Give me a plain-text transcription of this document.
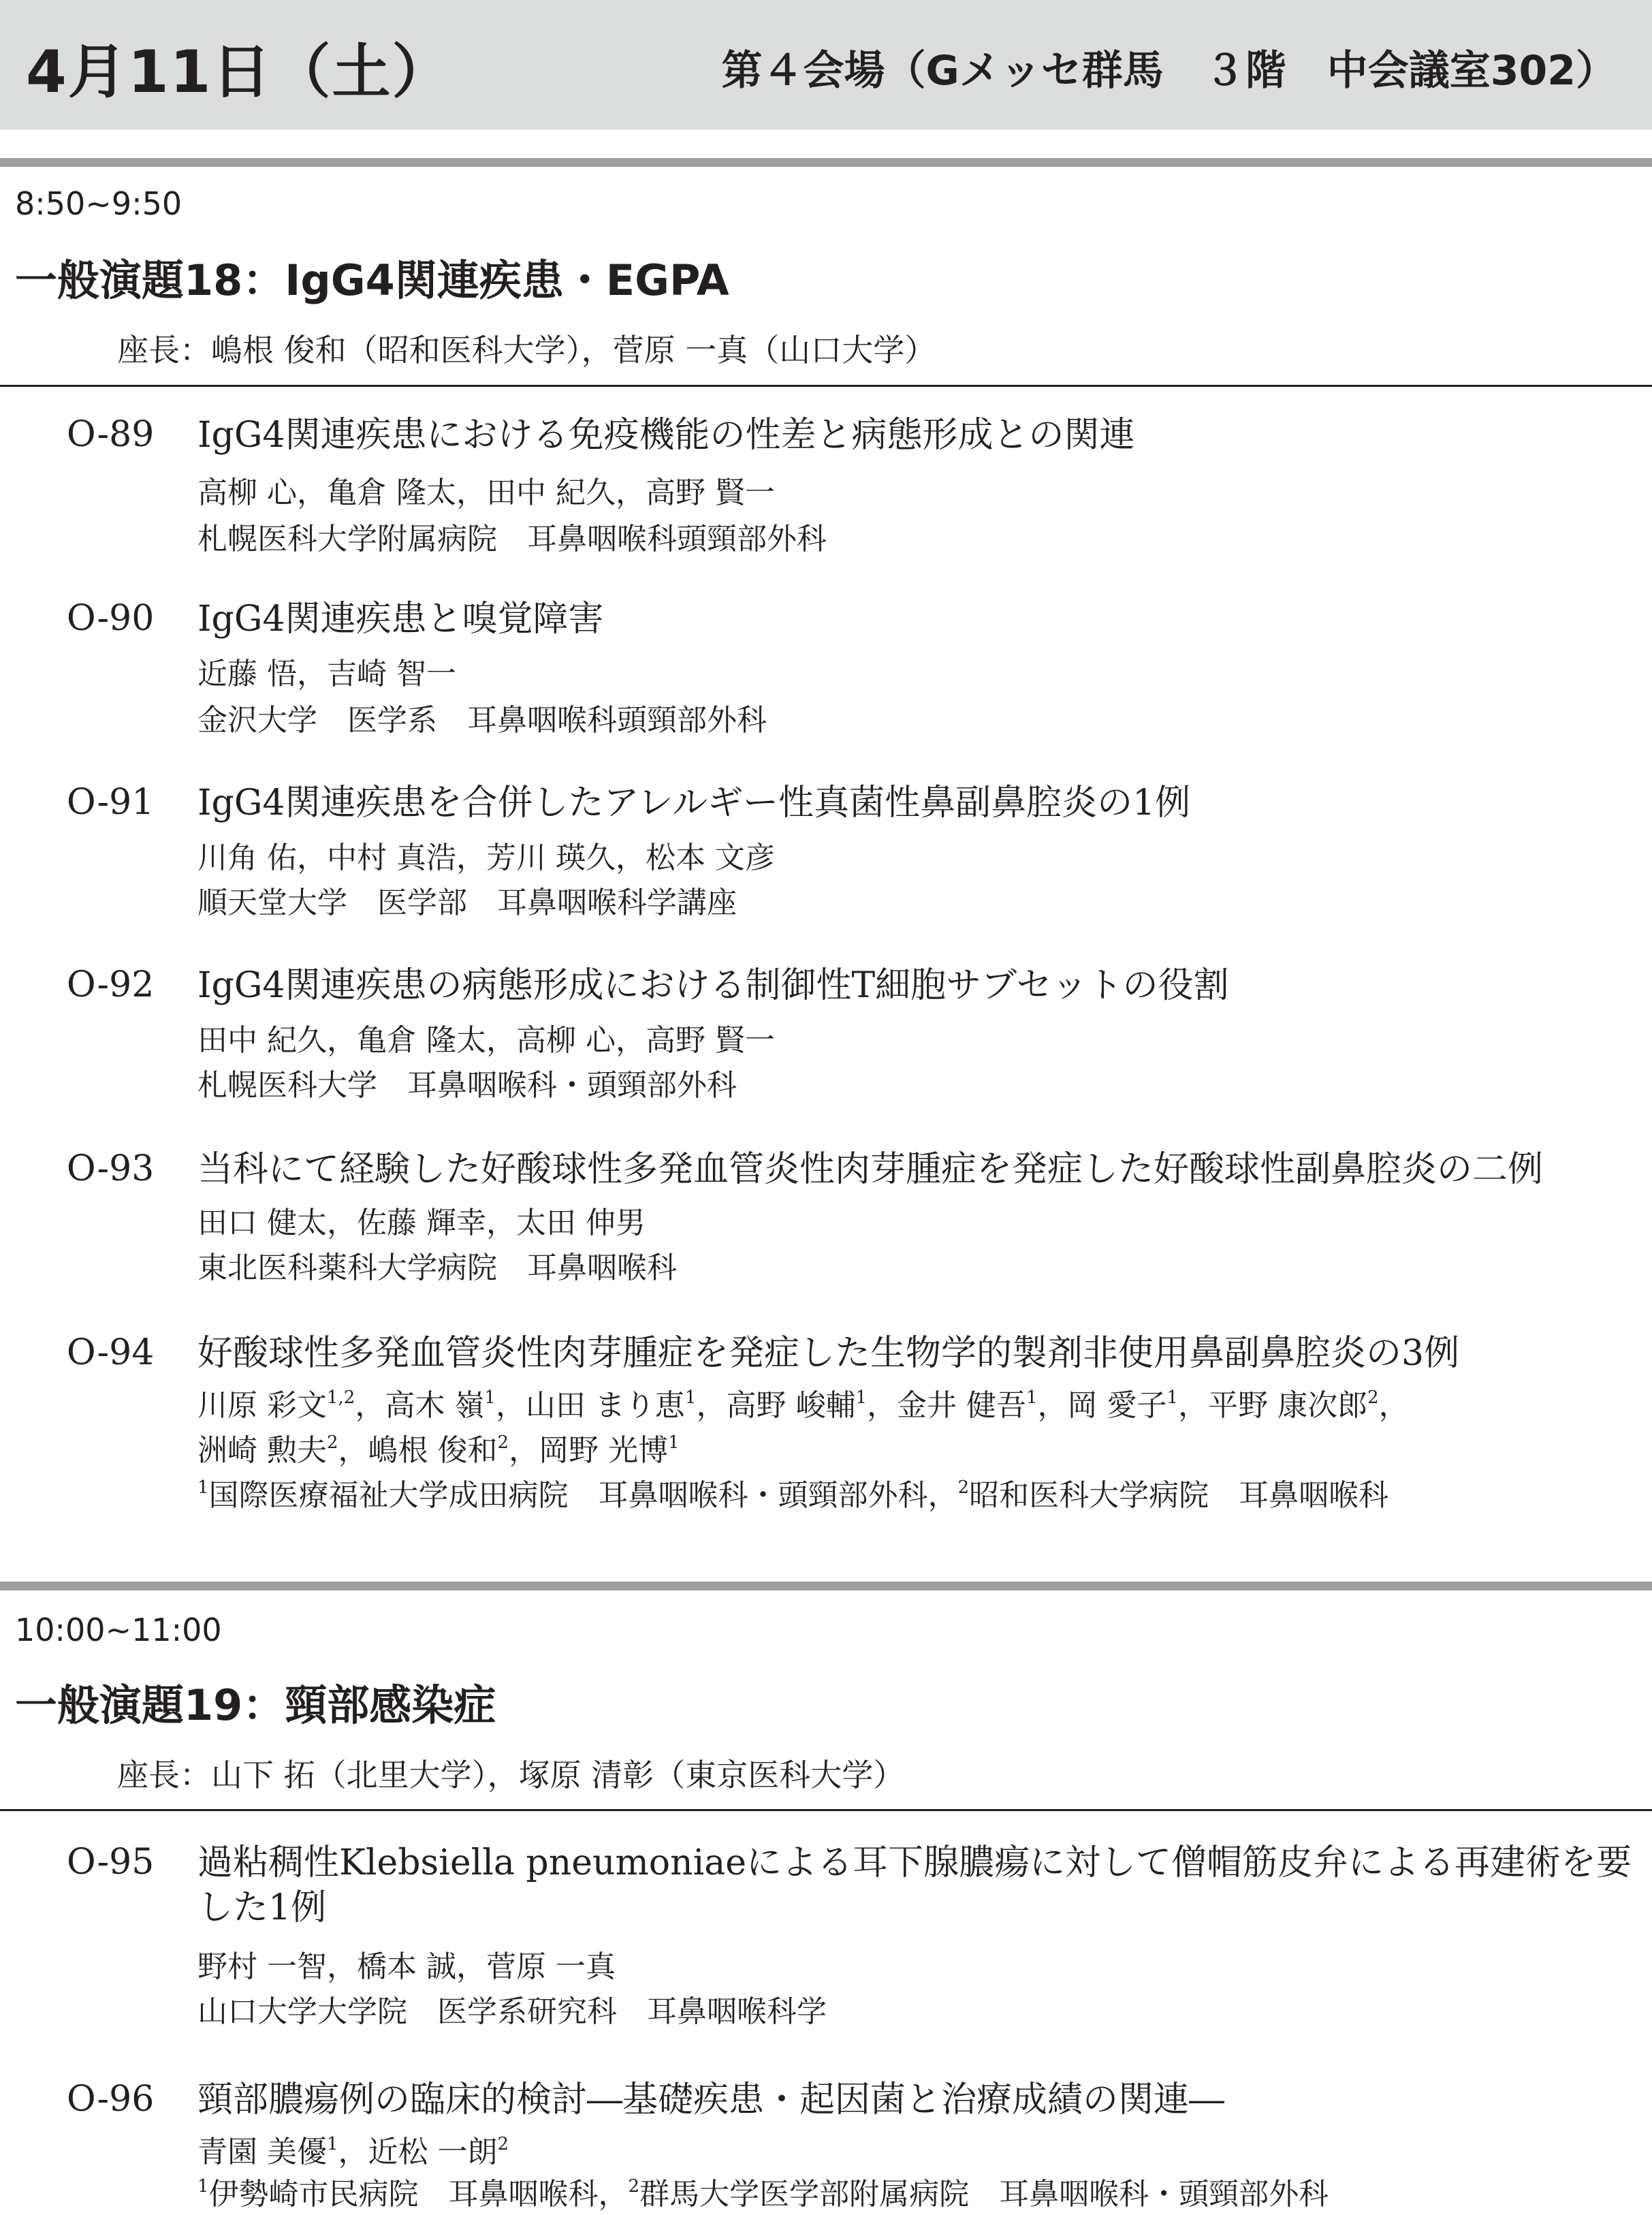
4月11日（土）	第４会場（Gメッセ群馬　３階　中会議室302）
8:50~9:50
一般演題18：IgG4関連疾患・EGPA
座長：嶋根 俊和（昭和医科大学），菅原 一真（山口大学）
O-89 IgG4関連疾患における免疫機能の性差と病態形成との関連
高柳 心，亀倉 隆太，田中 紀久，高野 賢一
札幌医科大学附属病院　耳鼻咽喉科頭頸部外科
O-90 IgG4関連疾患と嗅覚障害
近藤 悟，吉崎 智一
金沢大学　医学系　耳鼻咽喉科頭頸部外科
O-91 IgG4関連疾患を合併したアレルギー性真菌性鼻副鼻腔炎の1例
川角 佑，中村 真浩，芳川 瑛久，松本 文彦
順天堂大学　医学部　耳鼻咽喉科学講座
O-92 IgG4関連疾患の病態形成における制御性T細胞サブセットの役割
田中 紀久，亀倉 隆太，高柳 心，高野 賢一
札幌医科大学　耳鼻咽喉科・頭頸部外科
O-93 当科にて経験した好酸球性多発血管炎性肉芽腫症を発症した好酸球性副鼻腔炎の二例
田口 健太，佐藤 輝幸，太田 伸男
東北医科薬科大学病院　耳鼻咽喉科
O-94 好酸球性多発血管炎性肉芽腫症を発症した生物学的製剤非使用鼻副鼻腔炎の3例
川原 彩文$^{1,2}$，高木 嶺$^1$，山田 まり恵$^1$，高野 峻輔$^1$，金井 健吾$^1$，岡 愛子$^1$，平野 康次郎$^2$，
洲崎 勲夫$^2$，嶋根 俊和$^2$，岡野 光博$^1$
$^1$国際医療福祉大学成田病院　耳鼻咽喉科・頭頸部外科，$^2$昭和医科大学病院　耳鼻咽喉科
10:00~11:00
一般演題19：頸部感染症
座長：山下 拓（北里大学），塚原 清彰（東京医科大学）
O-95 過粘稠性Klebsiella pneumoniaeによる耳下腺膿瘍に対して僧帽筋皮弁による再建術を要した1例
野村 一智，橋本 誠，菅原 一真
山口大学大学院　医学系研究科　耳鼻咽喉科学
O-96 頸部膿瘍例の臨床的検討―基礎疾患・起因菌と治療成績の関連―
青園 美優$^1$，近松 一朗$^2$
$^1$伊勢崎市民病院　耳鼻咽喉科，$^2$群馬大学医学部附属病院　耳鼻咽喉科・頭頸部外科
